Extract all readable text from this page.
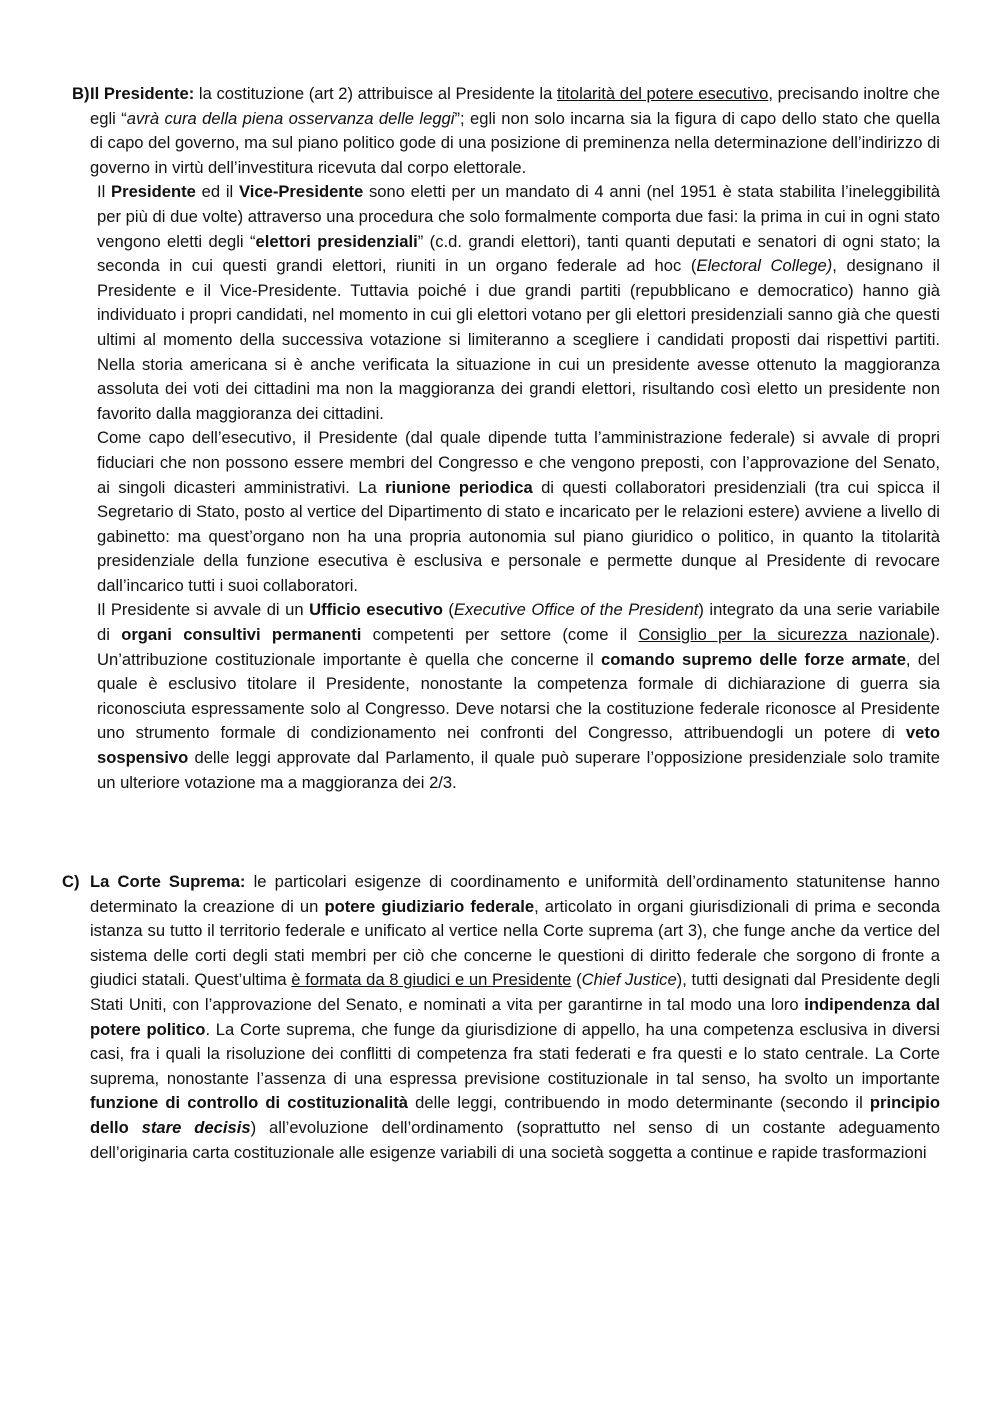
B) Il Presidente: la costituzione (art 2) attribuisce al Presidente la titolarità del potere esecutivo, precisando inoltre che egli “avrà cura della piena osservanza delle leggi”; egli non solo incarna sia la figura di capo dello stato che quella di capo del governo, ma sul piano politico gode di una posizione di preminenza nella determinazione dell’indirizzo di governo in virtù dell’investitura ricevuta dal corpo elettorale.

Il Presidente ed il Vice-Presidente sono eletti per un mandato di 4 anni (nel 1951 è stata stabilita l’ineleggibilità per più di due volte) attraverso una procedura che solo formalmente comporta due fasi: la prima in cui in ogni stato vengono eletti degli “elettori presidenziali” (c.d. grandi elettori), tanti quanti deputati e senatori di ogni stato; la seconda in cui questi grandi elettori, riuniti in un organo federale ad hoc (Electoral College), designano il Presidente e il Vice-Presidente. Tuttavia poiché i due grandi partiti (repubblicano e democratico) hanno già individuato i propri candidati, nel momento in cui gli elettori votano per gli elettori presidenziali sanno già che questi ultimi al momento della successiva votazione si limiteranno a scegliere i candidati proposti dai rispettivi partiti. Nella storia americana si è anche verificata la situazione in cui un presidente avesse ottenuto la maggioranza assoluta dei voti dei cittadini ma non la maggioranza dei grandi elettori, risultando così eletto un presidente non favorito dalla maggioranza dei cittadini.

Come capo dell’esecutivo, il Presidente (dal quale dipende tutta l’amministrazione federale) si avvale di propri fiduciari che non possono essere membri del Congresso e che vengono preposti, con l’approvazione del Senato, ai singoli dicasteri amministrativi. La riunione periodica di questi collaboratori presidenziali (tra cui spicca il Segretario di Stato, posto al vertice del Dipartimento di stato e incaricato per le relazioni estere) avviene a livello di gabinetto: ma quest’organo non ha una propria autonomia sul piano giuridico o politico, in quanto la titolarità presidenziale della funzione esecutiva è esclusiva e personale e permette dunque al Presidente di revocare dall’incarico tutti i suoi collaboratori.

Il Presidente si avvale di un Ufficio esecutivo (Executive Office of the President) integrato da una serie variabile di organi consultivi permanenti competenti per settore (come il Consiglio per la sicurezza nazionale). Un’attribuzione costituzionale importante è quella che concerne il comando supremo delle forze armate, del quale è esclusivo titolare il Presidente, nonostante la competenza formale di dichiarazione di guerra sia riconosciuta espressamente solo al Congresso. Deve notarsi che la costituzione federale riconosce al Presidente uno strumento formale di condizionamento nei confronti del Congresso, attribuendogli un potere di veto sospensivo delle leggi approvate dal Parlamento, il quale può superare l’opposizione presidenziale solo tramite un ulteriore votazione ma a maggioranza dei 2/3.

C) La Corte Suprema: le particolari esigenze di coordinamento e uniformità dell’ordinamento statunitense hanno determinato la creazione di un potere giudiziario federale, articolato in organi giurisdizionali di prima e seconda istanza su tutto il territorio federale e unificato al vertice nella Corte suprema (art 3), che funge anche da vertice del sistema delle corti degli stati membri per ciò che concerne le questioni di diritto federale che sorgono di fronte a giudici statali. Quest’ultima è formata da 8 giudici e un Presidente (Chief Justice), tutti designati dal Presidente degli Stati Uniti, con l’approvazione del Senato, e nominati a vita per garantirne in tal modo una loro indipendenza dal potere politico. La Corte suprema, che funge da giurisdizione di appello, ha una competenza esclusiva in diversi casi, fra i quali la risoluzione dei conflitti di competenza fra stati federati e fra questi e lo stato centrale. La Corte suprema, nonostante l’assenza di una espressa previsione costituzionale in tal senso, ha svolto un importante funzione di controllo di costituzionalità delle leggi, contribuendo in modo determinante (secondo il principio dello stare decisis) all’evoluzione dell’ordinamento (soprattutto nel senso di un costante adeguamento dell’originaria carta costituzionale alle esigenze variabili di una società soggetta a continue e rapide trasformazioni
